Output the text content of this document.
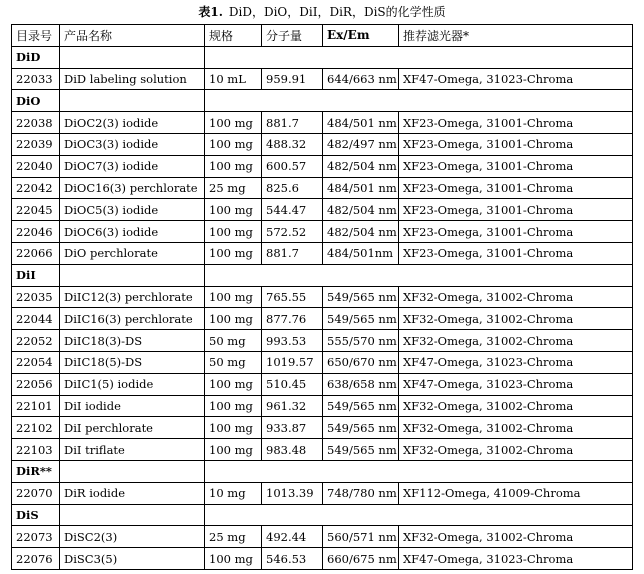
表1. DiD，DiO，DiI，DiR，DiS的化学性质
目录号	产品名称	规格	分子量	Ex/Em	推荐滤光器*
DiD					
22033	DiD labeling solution	10 mL	959.91	644/663 nm	XF47-Omega, 31023-Chroma
DiO					
22038	DiOC2(3) iodide	100 mg	881.7	484/501 nm	XF23-Omega, 31001-Chroma
22039	DiOC3(3) iodide	100 mg	488.32	482/497 nm	XF23-Omega, 31001-Chroma
22040	DiOC7(3) iodide	100 mg	600.57	482/504 nm	XF23-Omega, 31001-Chroma
22042	DiOC16(3) perchlorate	25 mg	825.6	484/501 nm	XF23-Omega, 31001-Chroma
22045	DiOC5(3) iodide	100 mg	544.47	482/504 nm	XF23-Omega, 31001-Chroma
22046	DiOC6(3) iodide	100 mg	572.52	482/504 nm	XF23-Omega, 31001-Chroma
22066	DiO perchlorate	100 mg	881.7	484/501nm	XF23-Omega, 31001-Chroma
DiI					
22035	DiIC12(3) perchlorate	100 mg	765.55	549/565 nm	XF32-Omega, 31002-Chroma
22044	DiIC16(3) perchlorate	100 mg	877.76	549/565 nm	XF32-Omega, 31002-Chroma
22052	DiIC18(3)-DS	50 mg	993.53	555/570 nm	XF32-Omega, 31002-Chroma
22054	DiIC18(5)-DS	50 mg	1019.57	650/670 nm	XF47-Omega, 31023-Chroma
22056	DiIC1(5) iodide	100 mg	510.45	638/658 nm	XF47-Omega, 31023-Chroma
22101	DiI iodide	100 mg	961.32	549/565 nm	XF32-Omega, 31002-Chroma
22102	DiI perchlorate	100 mg	933.87	549/565 nm	XF32-Omega, 31002-Chroma
22103	DiI triflate	100 mg	983.48	549/565 nm	XF32-Omega, 31002-Chroma
DiR**					
22070	DiR iodide	10 mg	1013.39	748/780 nm	XF112-Omega, 41009-Chroma
DiS					
22073	DiSC2(3)	25 mg	492.44	560/571 nm	XF32-Omega, 31002-Chroma
22076	DiSC3(5)	100 mg	546.53	660/675 nm	XF47-Omega, 31023-Chroma
